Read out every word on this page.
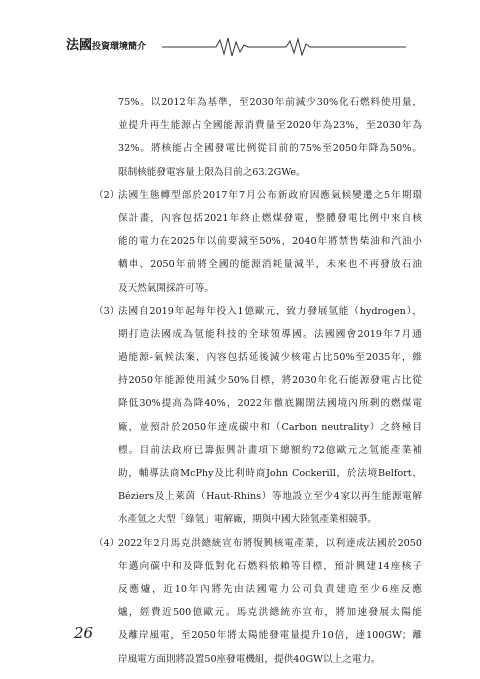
法國投資環境簡介
75%。以2012年為基準，至2030年前減少30%化石燃料使用量，
並提升再生能源占全國能源消費量至2020年為23%，至2030年為
32%。將核能占全國發電比例從目前的75%至2050年降為50%。
限制核能發電容量上限為目前之63.2GWe。
（2）
法國生態轉型部於2017年7月公布新政府因應氣候變遷之5年期環
保計畫，內容包括2021年終止燃煤發電，整體發電比例中來自核
能的電力在2025年以前要減至50%，2040年將禁售柴油和汽油小
轎車、2050年前將全國的能源消耗量減半，未來也不再發放石油
及天然氣開採許可等。
（3）
法國自2019年起每年投入1億歐元，致力發展氫能（hydrogen），
期打造法國成為氫能科技的全球領導國。法國國會2019年7月通
過能源-氣候法案，內容包括延後減少核電占比50%至2035年，維
持2050年能源使用減少50%目標，將2030年化石能源發電占比從
降低30%提高為降40%，2022年徹底關閉法國境內所剩的燃煤電
廠，並預計於2050年達成碳中和（Carbon neutrality）之終極目
標。目前法政府已籌振興計畫項下總額約72億歐元之氫能產業補
助，輔導法商McPhy及比利時商John Cockerill，於法境Belfort、
Béziers及上萊茵（Haut-Rhins）等地設立至少4家以再生能源電解
水產氫之大型「綠氫」電解廠，期與中國大陸氫產業相競爭。
（4）
2022年2月馬克洪總統宣布將復興核電產業，以利達成法國於2050
年邁向碳中和及降低對化石燃料依賴等目標，預計興建14座核子
反應爐，近10年內將先由法國電力公司負責建造至少6座反應
爐，經費近500億歐元。馬克洪總統亦宣布，將加速發展太陽能
及離岸風電，至2050年將太陽能發電量提升10倍，達100GW；離
岸風電方面則將設置50座發電機組，提供40GW以上之電力。
26
